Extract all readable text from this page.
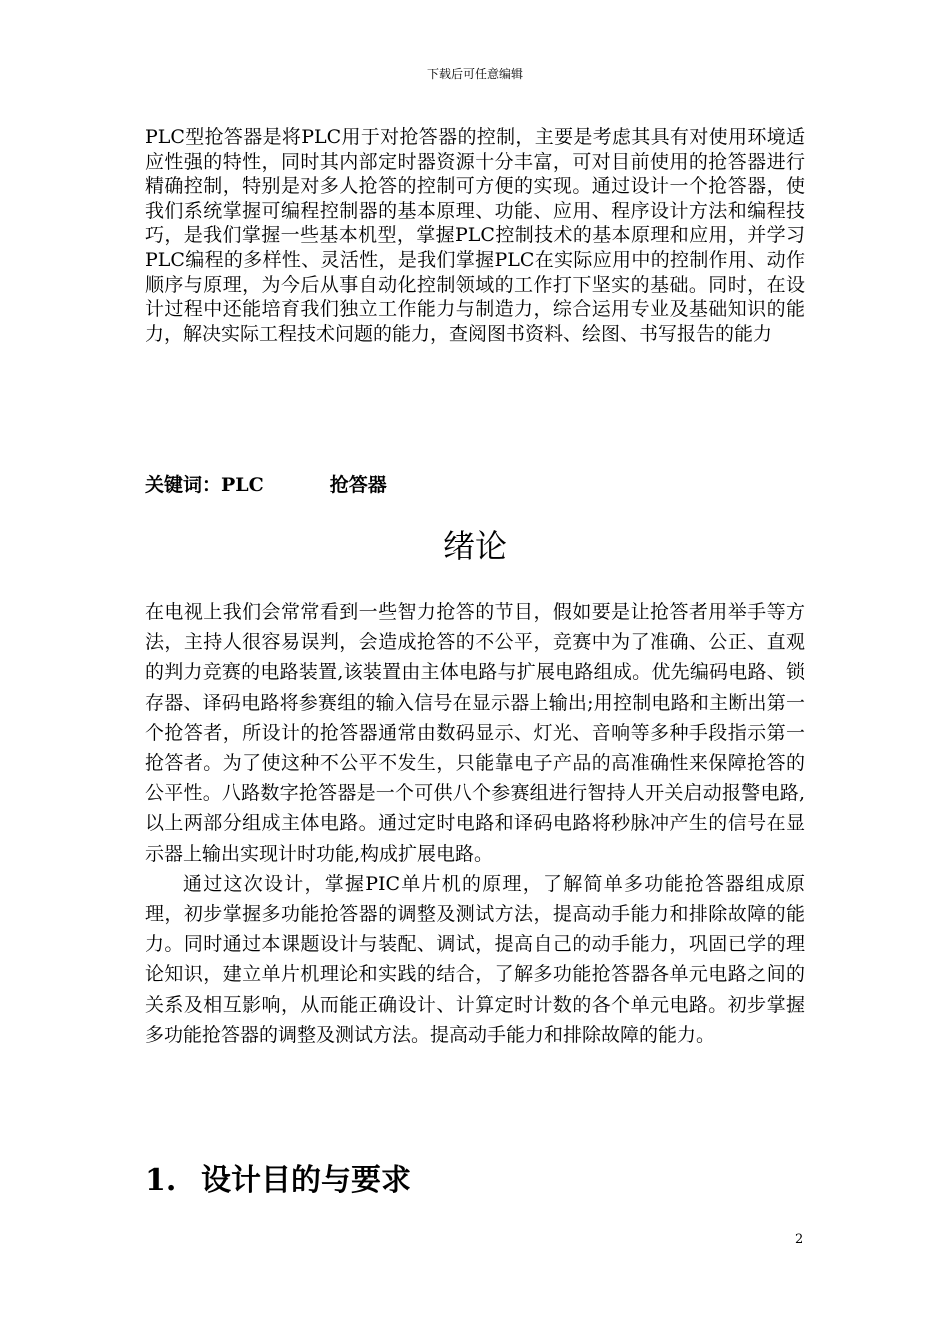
下载后可任意编辑

PLC型抢答器是将PLC用于对抢答器的控制，主要是考虑其具有对使用环境适应性强的特性，同时其内部定时器资源十分丰富，可对目前使用的抢答器进行精确控制，特别是对多人抢答的控制可方便的实现。通过设计一个抢答器，使我们系统掌握可编程控制器的基本原理、功能、应用、程序设计方法和编程技巧，是我们掌握一些基本机型，掌握PLC控制技术的基本原理和应用，并学习PLC编程的多样性、灵活性，是我们掌握PLC在实际应用中的控制作用、动作顺序与原理，为今后从事自动化控制领域的工作打下坚实的基础。同时，在设计过程中还能培育我们独立工作能力与制造力，综合运用专业及基础知识的能力，解决实际工程技术问题的能力，查阅图书资料、绘图、书写报告的能力

关键词：PLC	抢答器
绪论

在电视上我们会常常看到一些智力抢答的节目，假如要是让抢答者用举手等方法，主持人很容易误判，会造成抢答的不公平，竞赛中为了准确、公正、直观的判力竞赛的电路装置,该装置由主体电路与扩展电路组成。优先编码电路、锁存器、译码电路将参赛组的输入信号在显示器上输出;用控制电路和主断出第一个抢答者，所设计的抢答器通常由数码显示、灯光、音响等多种手段指示第一抢答者。为了使这种不公平不发生，只能靠电子产品的高准确性来保障抢答的公平性。八路数字抢答器是一个可供八个参赛组进行智持人开关启动报警电路,以上两部分组成主体电路。通过定时电路和译码电路将秒脉冲产生的信号在显示器上输出实现计时功能,构成扩展电路。

通过这次设计，掌握PIC单片机的原理，了解简单多功能抢答器组成原理，初步掌握多功能抢答器的调整及测试方法，提高动手能力和排除故障的能力。同时通过本课题设计与装配、调试，提高自己的动手能力，巩固已学的理论知识，建立单片机理论和实践的结合，了解多功能抢答器各单元电路之间的关系及相互影响，从而能正确设计、计算定时计数的各个单元电路。初步掌握多功能抢答器的调整及测试方法。提高动手能力和排除故障的能力。

1. 设计目的与要求
2
